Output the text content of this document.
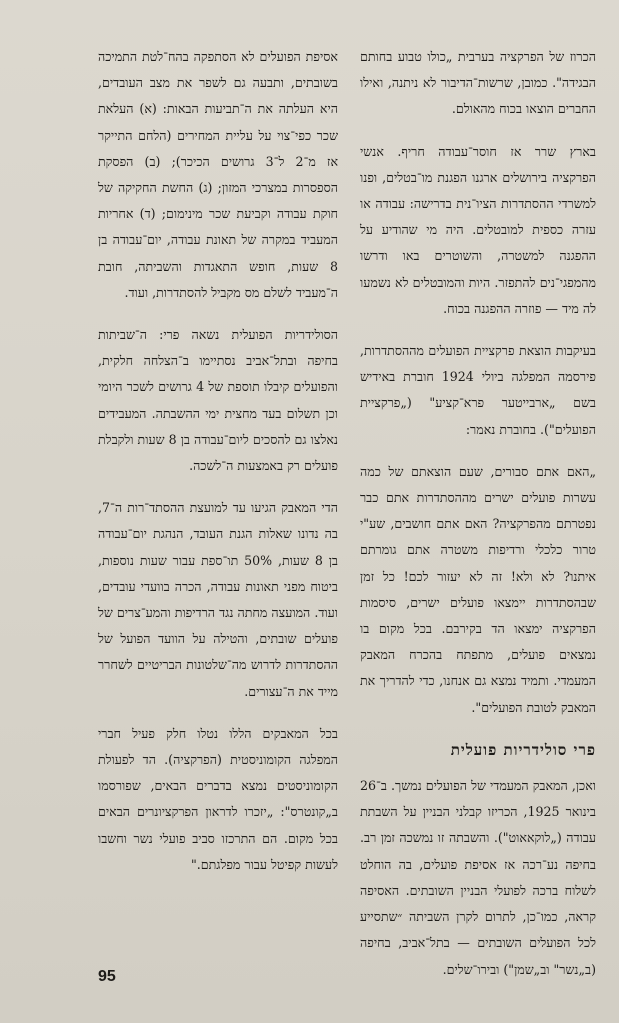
הכרוז של הפרקציה בערבית „כולו טבוע בחותם הבגידה". כמובן, שרשות־הדיבור לא ניתנה, ואילו החברים הוצאו בכוח מהאולם.

בארץ שרר אז חוסר־עבודה חריף. אנשי הפרקציה בירושלים ארגנו הפגנת מו־בטלים, ופנו למשרדי ההסתדרות הציו־נית בדרישה: עבודה או עזרה כספית למובטלים. היה מי שהודיע על ההפגנה למשטרה, והשוטרים באו ודרשו מהמפגי־נים להתפזר. היות והמובטלים לא נשמעו לה מיד — פוזרה ההפגנה בכוח.

בעיקבות הוצאת פרקציית הפועלים מההסתדרות, פירסמה המפלגה ביולי 1924 חוברת באידיש בשם „ארבייטער פרא־קציע" („פרקציית הפועלים"). בחוברת נאמר:

„האם אתם סבורים, שעם הוצאתם של כמה עשרות פועלים ישרים מההסתדרות אתם כבר נפטרתם מהפרקציה? האם אתם חושבים, שע"י טרור כלכלי ורדיפות משטרה אתם גומרתם איתנו? לא ולא! זה לא יעזור לכם! כל זמן שבהסתדרות יימצאו פועלים ישרים, סיסמות הפרקציה ימצאו הד בקירבם. בכל מקום בו נמצאים פועלים, מתפתח בהכרח המאבק המעמדי. ותמיד נמצא גם אנחנו, כדי להדריך את המאבק לטובת הפועלים".

פרי סולידריות פועלית

ואכן, המאבק המעמדי של הפועלים נמשך. ב־26 בינואר 1925, הכריזו קבלני הבניין על השבתת עבודה („לוקאאוט"). והשבתה זו נמשכה זמן רב. בחיפה נע־רכה אז אסיפת פועלים, בה הוחלט לשלוח ברכה לפועלי הבניין השובתים. האסיפה קראה, כמו־כן, לתרום לקרן השביתה ״שתסייע לכל הפועלים השובתים — בתל־אביב, בחיפה (ב„נשר" וב„שמן") ובירו־שלים.

אסיפת הפועלים לא הסתפקה בהח־לטת התמיכה בשובתים, ותבעה גם לשפר את מצב העובדים, היא העלתה את ה־תביעות הבאות: (א) העלאת שכר כפי־צוי על עליית המחירים (הלחם התייקר אז מ־2 ל־3 גרושים הכיכר); (ב) הפסקת הספסרות במצרכי המזון; (ג) החשת החקיקה של חוקת עבודה וקביעת שכר מינימום; (ד) אחריות המעביד במקרה של תאונת עבודה, יום־עבודה בן 8 שעות, חופש התאגדות והשביתה, חובת ה־מעביד לשלם מס מקביל להסתדרות, ועוד.

הסולידריות הפועלית נשאה פרי: ה־שביתות בחיפה ובתל־אביב נסתיימו ב־הצלחה חלקית, והפועלים קיבלו תוספת של 4 גרושים לשכר היומי וכן תשלום בעד מחצית ימי ההשבתה. המעבידים נאלצו גם להסכים ליום־עבודה בן 8 שעות ולקבלת פועלים רק באמצעות ה־לשכה.

הדי המאבק הגיעו עד למועצת ההסתד־רות ה־7, בה נדונו שאלות הגנת העובד, הנהגת יום־עבודה בן 8 שעות, 50% תו־ספת עבור שעות נוספות, ביטוח מפני תאונות עבודה, הכרה בוועדי עובדים, ועוד. המועצה מחתה נגד הרדיפות והמע־צרים של פועלים שובתים, והטילה על הוועד הפועל של ההסתדרות לדרוש מה־שלטונות הבריטיים לשחרר מייד את ה־עצורים.

בכל המאבקים הללו נטלו חלק פעיל חברי המפלגה הקומוניסטית (הפרקציה). הד לפעולת הקומוניסטים נמצא בדברים הבאים, שפורסמו ב„קונטרס": „יזכרו לדראון הפרקציונרים הבאים בכל מקום. הם התרכזו סביב פועלי נשר וחשבו לעשות קפיטל עבור מפלגתם."

95
